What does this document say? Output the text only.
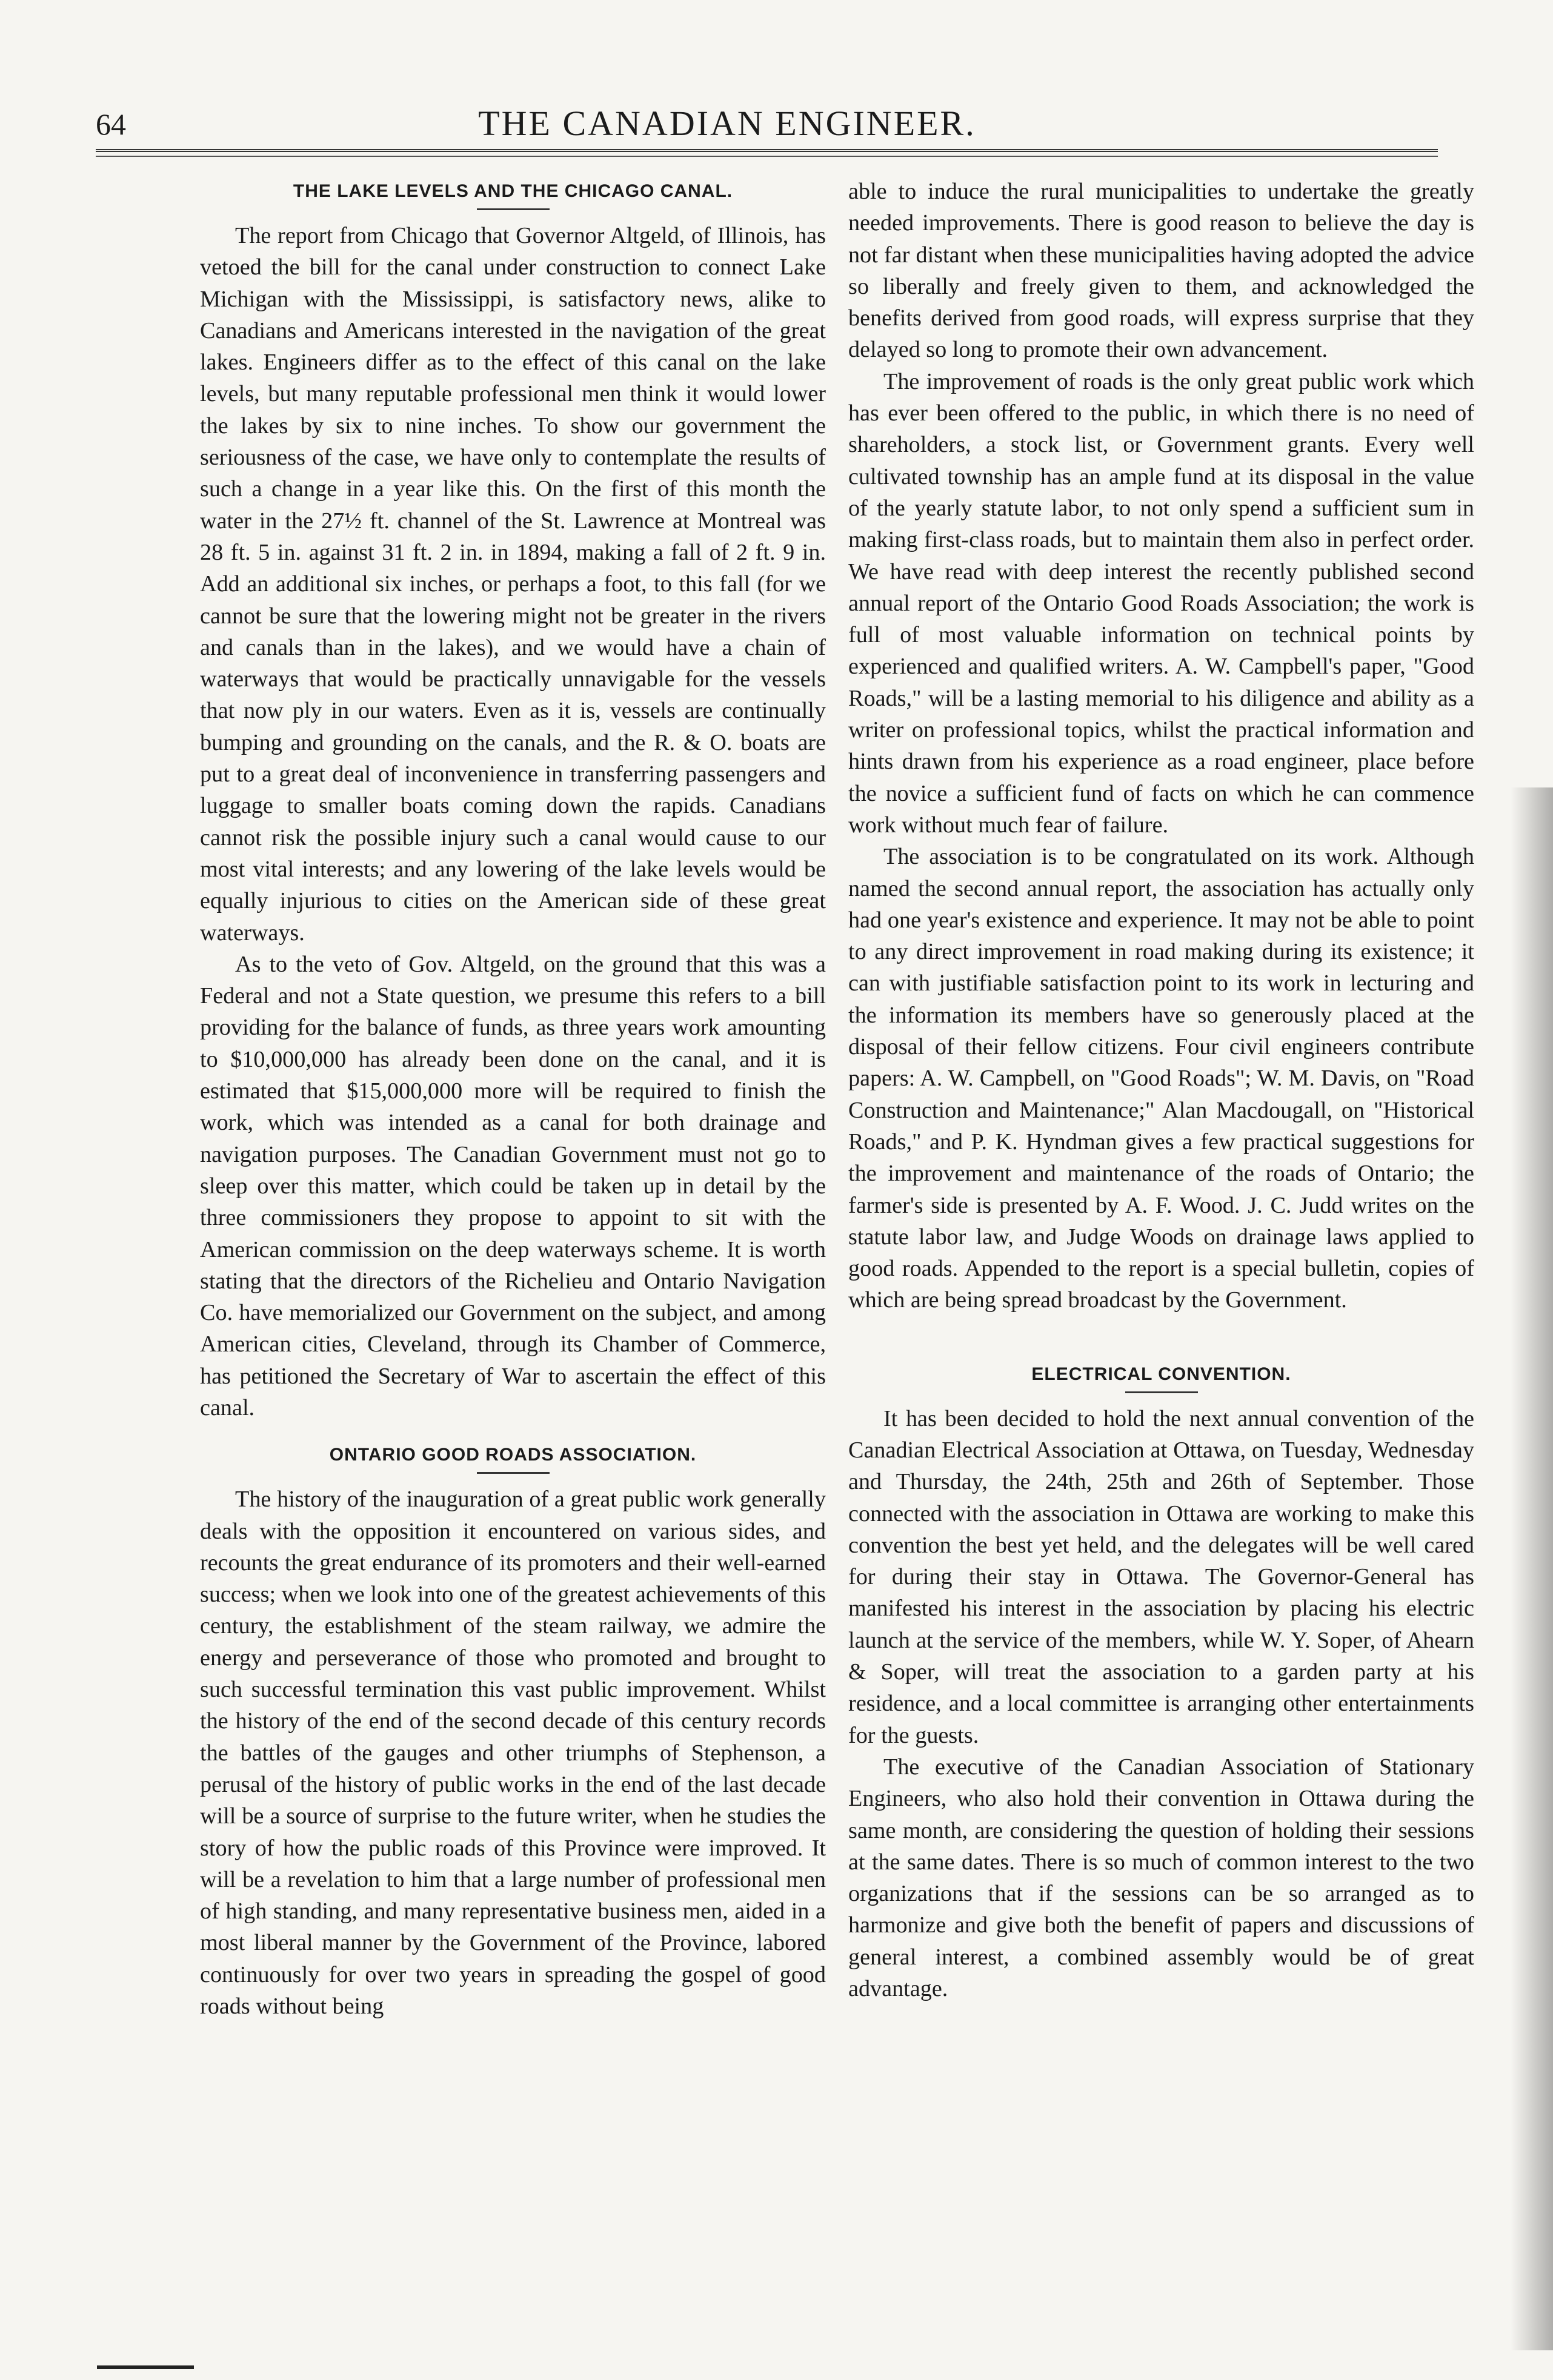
64	THE CANADIAN ENGINEER.
THE LAKE LEVELS AND THE CHICAGO CANAL.

The report from Chicago that Governor Altgeld, of Illinois, has vetoed the bill for the canal under construction to connect Lake Michigan with the Mississippi, is satisfactory news, alike to Canadians and Americans interested in the navigation of the great lakes. Engineers differ as to the effect of this canal on the lake levels, but many reputable professional men think it would lower the lakes by six to nine inches. To show our government the seriousness of the case, we have only to contemplate the results of such a change in a year like this. On the first of this month the water in the 27½ ft. channel of the St. Lawrence at Montreal was 28 ft. 5 in. against 31 ft. 2 in. in 1894, making a fall of 2 ft. 9 in. Add an additional six inches, or perhaps a foot, to this fall (for we cannot be sure that the lowering might not be greater in the rivers and canals than in the lakes), and we would have a chain of waterways that would be practically unnavigable for the vessels that now ply in our waters. Even as it is, vessels are continually bumping and grounding on the canals, and the R. & O. boats are put to a great deal of inconvenience in transferring passengers and luggage to smaller boats coming down the rapids. Canadians cannot risk the possible injury such a canal would cause to our most vital interests; and any lowering of the lake levels would be equally injurious to cities on the American side of these great waterways.

As to the veto of Gov. Altgeld, on the ground that this was a Federal and not a State question, we presume this refers to a bill providing for the balance of funds, as three years work amounting to $10,000,000 has already been done on the canal, and it is estimated that $15,000,000 more will be required to finish the work, which was intended as a canal for both drainage and navigation purposes. The Canadian Government must not go to sleep over this matter, which could be taken up in detail by the three commissioners they propose to appoint to sit with the American commission on the deep waterways scheme. It is worth stating that the directors of the Richelieu and Ontario Navigation Co. have memorialized our Government on the subject, and among American cities, Cleveland, through its Chamber of Commerce, has petitioned the Secretary of War to ascertain the effect of this canal.

ONTARIO GOOD ROADS ASSOCIATION.

The history of the inauguration of a great public work generally deals with the opposition it encountered on various sides, and recounts the great endurance of its promoters and their well-earned success; when we look into one of the greatest achievements of this century, the establishment of the steam railway, we admire the energy and perseverance of those who promoted and brought to such successful termination this vast public improvement. Whilst the history of the end of the second decade of this century records the battles of the gauges and other triumphs of Stephenson, a perusal of the history of public works in the end of the last decade will be a source of surprise to the future writer, when he studies the story of how the public roads of this Province were improved. It will be a revelation to him that a large number of professional men of high standing, and many representative business men, aided in a most liberal manner by the Government of the Province, labored continuously for over two years in spreading the gospel of good roads without being

able to induce the rural municipalities to undertake the greatly needed improvements. There is good reason to believe the day is not far distant when these municipalities having adopted the advice so liberally and freely given to them, and acknowledged the benefits derived from good roads, will express surprise that they delayed so long to promote their own advancement.

The improvement of roads is the only great public work which has ever been offered to the public, in which there is no need of shareholders, a stock list, or Government grants. Every well cultivated township has an ample fund at its disposal in the value of the yearly statute labor, to not only spend a sufficient sum in making first-class roads, but to maintain them also in perfect order. We have read with deep interest the recently published second annual report of the Ontario Good Roads Association; the work is full of most valuable information on technical points by experienced and qualified writers. A. W. Campbell's paper, "Good Roads," will be a lasting memorial to his diligence and ability as a writer on professional topics, whilst the practical information and hints drawn from his experience as a road engineer, place before the novice a sufficient fund of facts on which he can commence work without much fear of failure.

The association is to be congratulated on its work. Although named the second annual report, the association has actually only had one year's existence and experience. It may not be able to point to any direct improvement in road making during its existence; it can with justifiable satisfaction point to its work in lecturing and the information its members have so generously placed at the disposal of their fellow citizens. Four civil engineers contribute papers: A. W. Campbell, on "Good Roads"; W. M. Davis, on "Road Construction and Maintenance;" Alan Macdougall, on "Historical Roads," and P. K. Hyndman gives a few practical suggestions for the improvement and maintenance of the roads of Ontario; the farmer's side is presented by A. F. Wood. J. C. Judd writes on the statute labor law, and Judge Woods on drainage laws applied to good roads. Appended to the report is a special bulletin, copies of which are being spread broadcast by the Government.

ELECTRICAL CONVENTION.

It has been decided to hold the next annual convention of the Canadian Electrical Association at Ottawa, on Tuesday, Wednesday and Thursday, the 24th, 25th and 26th of September. Those connected with the association in Ottawa are working to make this convention the best yet held, and the delegates will be well cared for during their stay in Ottawa. The Governor-General has manifested his interest in the association by placing his electric launch at the service of the members, while W. Y. Soper, of Ahearn & Soper, will treat the association to a garden party at his residence, and a local committee is arranging other entertainments for the guests.

The executive of the Canadian Association of Stationary Engineers, who also hold their convention in Ottawa during the same month, are considering the question of holding their sessions at the same dates. There is so much of common interest to the two organizations that if the sessions can be so arranged as to harmonize and give both the benefit of papers and discussions of general interest, a combined assembly would be of great advantage.
